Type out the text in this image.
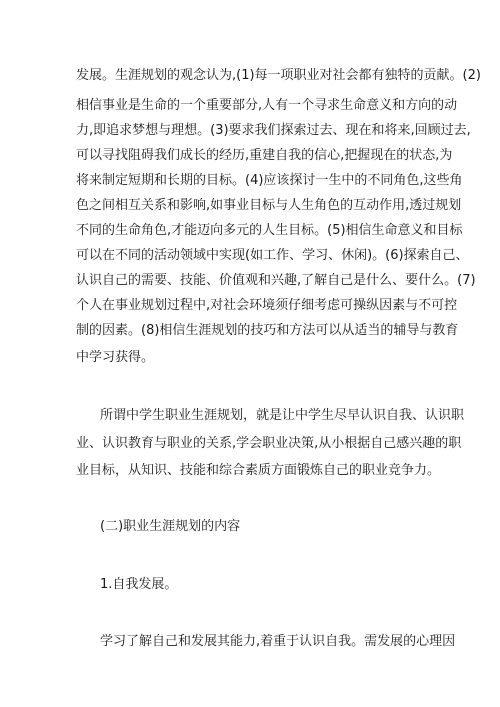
发展。生涯规划的观念认为,(1)每一项职业对社会都有独特的贡献。(2)
相信事业是生命的一个重要部分,人有一个寻求生命意义和方向的动
力,即追求梦想与理想。(3)要求我们探索过去、现在和将来,回顾过去,
可以寻找阻碍我们成长的经历,重建自我的信心,把握现在的状态,为
将来制定短期和长期的目标。(4)应该探讨一生中的不同角色,这些角
色之间相互关系和影响,如事业目标与人生角色的互动作用,透过规划
不同的生命角色,才能迈向多元的人生目标。(5)相信生命意义和目标
可以在不同的活动领域中实现(如工作、学习、休闲)。(6)探索自己、
认识自己的需要、技能、价值观和兴趣,了解自己是什么、要什么。(7)
个人在事业规划过程中,对社会环境须仔细考虑可操纵因素与不可控
制的因素。(8)相信生涯规划的技巧和方法可以从适当的辅导与教育
中学习获得。
所谓中学生职业生涯规划，就是让中学生尽早认识自我、认识职
业、认识教育与职业的关系,学会职业决策,从小根据自己感兴趣的职
业目标，从知识、技能和综合素质方面锻炼自己的职业竞争力。
(二)职业生涯规划的内容
1.自我发展。
学习了解自己和发展其能力,着重于认识自我。需发展的心理因
